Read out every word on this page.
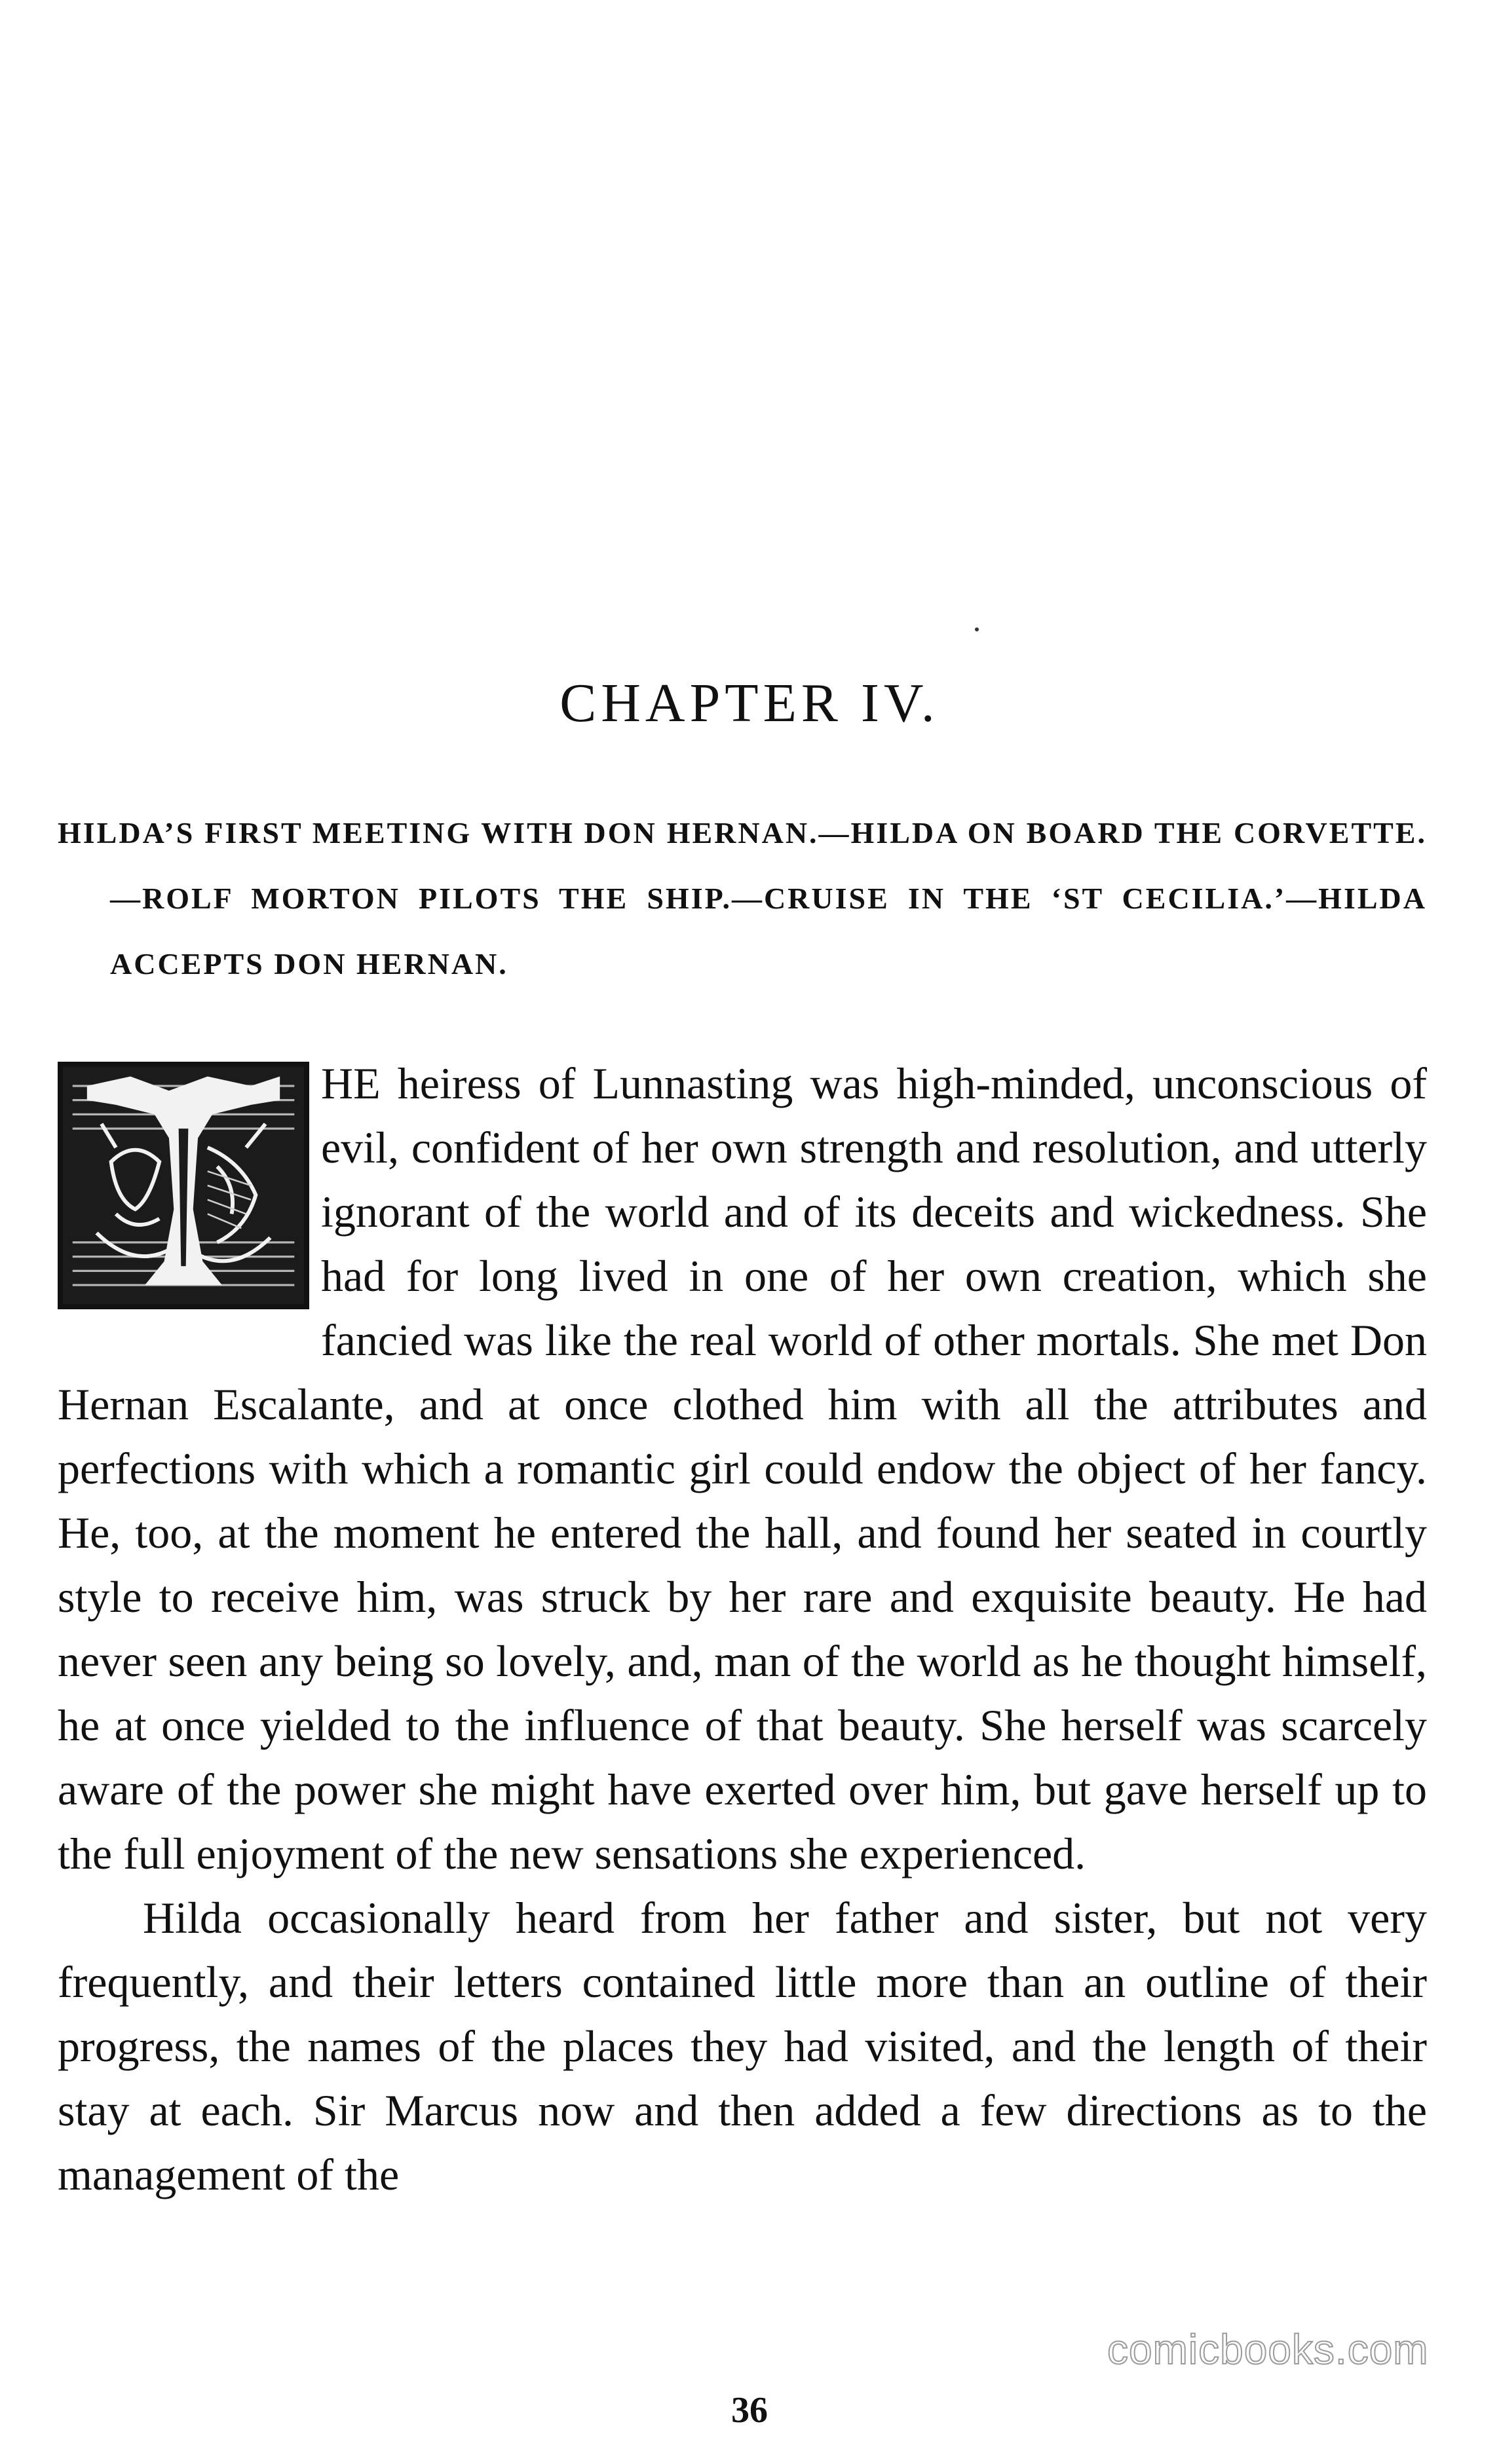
CHAPTER IV.
HILDA’S FIRST MEETING WITH DON HERNAN.—HILDA ON BOARD THE CORVETTE.—ROLF MORTON PILOTS THE SHIP.—CRUISE IN THE ‘ST CECILIA.’—HILDA ACCEPTS DON HERNAN.

HE heiress of Lunnasting was high-minded, unconscious of evil, confident of her own strength and resolution, and utterly ignorant of the world and of its deceits and wickedness. She had for long lived in one of her own creation, which she fancied was like the real world of other mortals. She met Don Hernan Escalante, and at once clothed him with all the attributes and perfections with which a romantic girl could endow the object of her fancy. He, too, at the moment he entered the hall, and found her seated in courtly style to receive him, was struck by her rare and exquisite beauty. He had never seen any being so lovely, and, man of the world as he thought himself, he at once yielded to the influence of that beauty. She herself was scarcely aware of the power she might have exerted over him, but gave herself up to the full enjoyment of the new sensations she experienced.

Hilda occasionally heard from her father and sister, but not very frequently, and their letters contained little more than an outline of their progress, the names of the places they had visited, and the length of their stay at each. Sir Marcus now and then added a few directions as to the management of the

comicbooks.com
36
